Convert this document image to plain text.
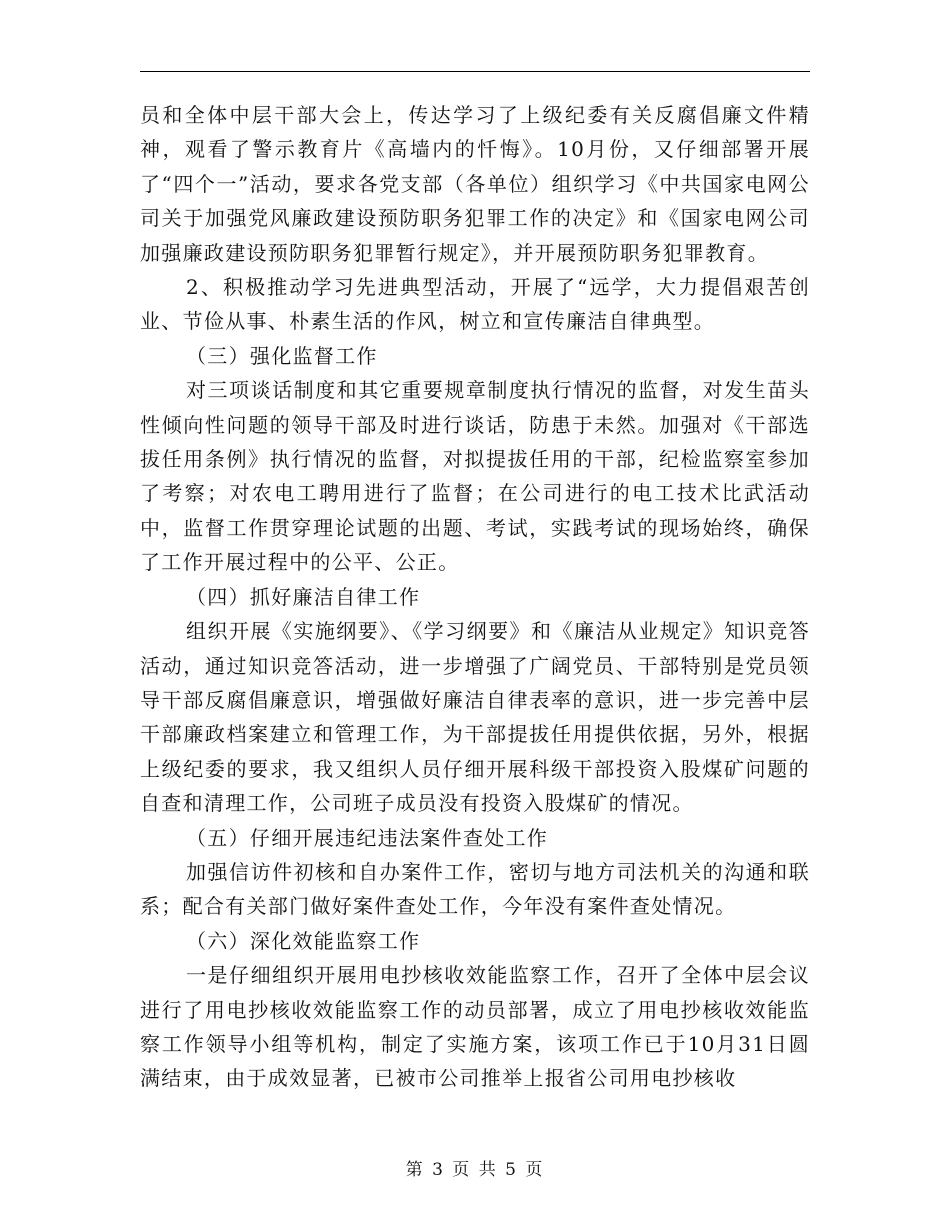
员和全体中层干部大会上，传达学习了上级纪委有关反腐倡廉文件精神，观看了警示教育片《高墙内的忏悔》。10月份，又仔细部署开展了“四个一”活动，要求各党支部（各单位）组织学习《中共国家电网公司关于加强党风廉政建设预防职务犯罪工作的决定》和《国家电网公司加强廉政建设预防职务犯罪暂行规定》，并开展预防职务犯罪教育。

2、积极推动学习先进典型活动，开展了“远学，大力提倡艰苦创业、节俭从事、朴素生活的作风，树立和宣传廉洁自律典型。

（三）强化监督工作

对三项谈话制度和其它重要规章制度执行情况的监督，对发生苗头性倾向性问题的领导干部及时进行谈话，防患于未然。加强对《干部选拔任用条例》执行情况的监督，对拟提拔任用的干部，纪检监察室参加了考察；对农电工聘用进行了监督；在公司进行的电工技术比武活动中，监督工作贯穿理论试题的出题、考试，实践考试的现场始终，确保了工作开展过程中的公平、公正。

（四）抓好廉洁自律工作

组织开展《实施纲要》、《学习纲要》和《廉洁从业规定》知识竞答活动，通过知识竞答活动，进一步增强了广阔党员、干部特别是党员领导干部反腐倡廉意识，增强做好廉洁自律表率的意识，进一步完善中层干部廉政档案建立和管理工作，为干部提拔任用提供依据，另外，根据上级纪委的要求，我又组织人员仔细开展科级干部投资入股煤矿问题的自查和清理工作，公司班子成员没有投资入股煤矿的情况。

（五）仔细开展违纪违法案件查处工作

加强信访件初核和自办案件工作，密切与地方司法机关的沟通和联系；配合有关部门做好案件查处工作，今年没有案件查处情况。

（六）深化效能监察工作

一是仔细组织开展用电抄核收效能监察工作，召开了全体中层会议进行了用电抄核收效能监察工作的动员部署，成立了用电抄核收效能监察工作领导小组等机构，制定了实施方案，该项工作已于10月31日圆满结束，由于成效显著，已被市公司推举上报省公司用电抄核收

第 3 页 共 5 页
